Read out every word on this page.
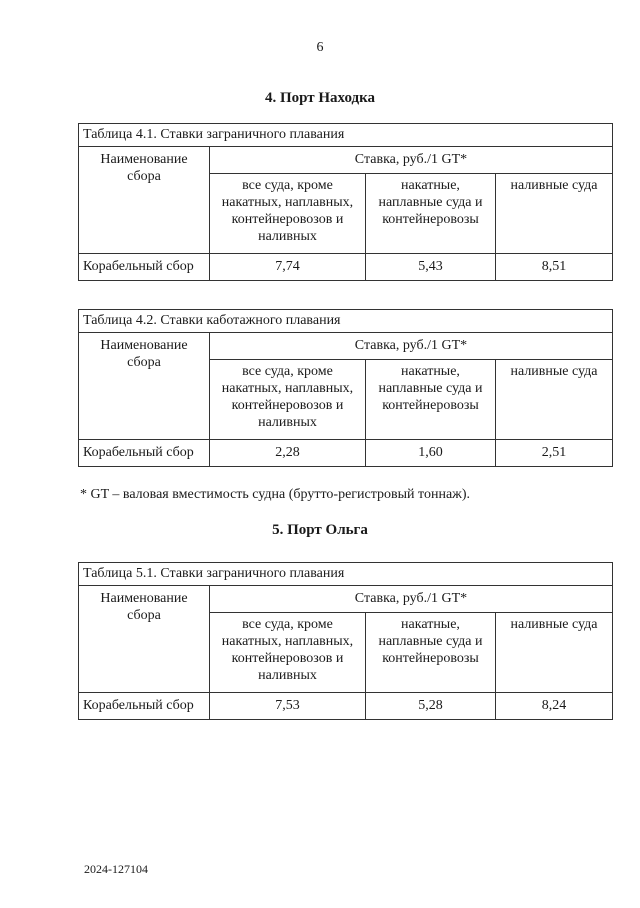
6
4. Порт Находка
Таблица 4.1. Ставки заграничного плавания			
Наименование сбора	Ставка, руб./1 GT*		
	все суда, кроме накатных, наплавных, контейнеровозов и наливных	накатные, наплавные суда и контейнеровозы	наливные суда
Корабельный сбор	7,74	5,43	8,51
Таблица 4.2. Ставки каботажного плавания			
Наименование сбора	Ставка, руб./1 GT*		
	все суда, кроме накатных, наплавных, контейнеровозов и наливных	накатные, наплавные суда и контейнеровозы	наливные суда
Корабельный сбор	2,28	1,60	2,51
* GT – валовая вместимость судна (брутто-регистровый тоннаж).
5. Порт Ольга
Таблица 5.1. Ставки заграничного плавания			
Наименование сбора	Ставка, руб./1 GT*		
	все суда, кроме накатных, наплавных, контейнеровозов и наливных	накатные, наплавные суда и контейнеровозы	наливные суда
Корабельный сбор	7,53	5,28	8,24
2024-127104
